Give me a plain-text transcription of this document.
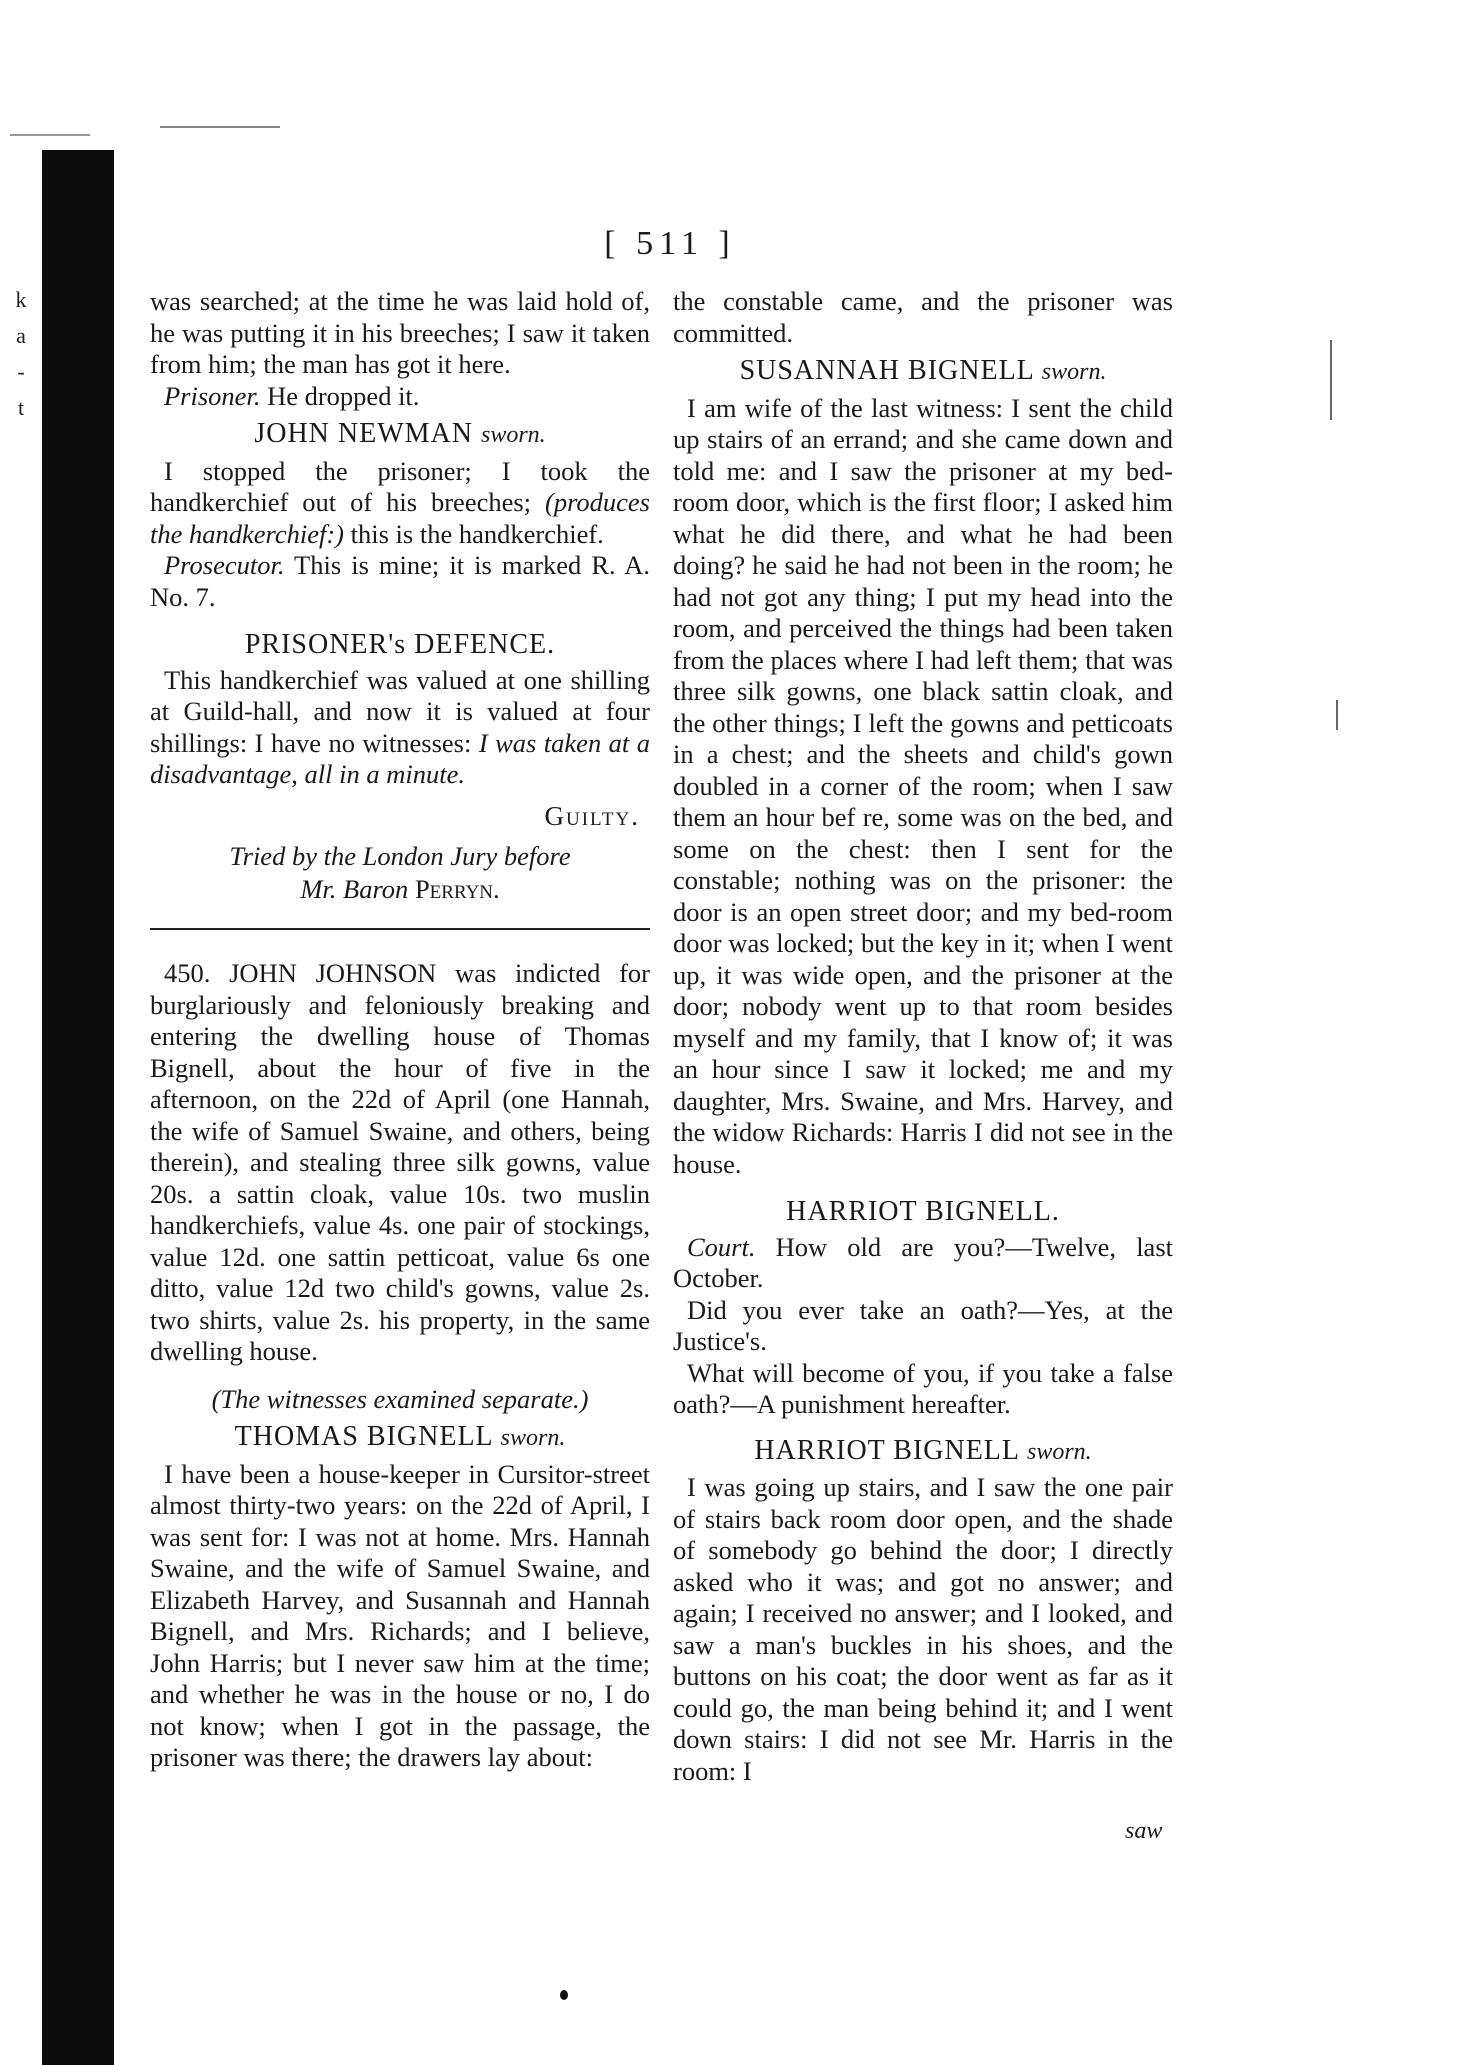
k
a
-
t
[ 511 ]

was searched; at the time he was laid hold of, he was putting it in his breeches; I saw it taken from him; the man has got it here.

Prisoner. He dropped it.

JOHN NEWMAN sworn.

I stopped the prisoner; I took the handkerchief out of his breeches; (produces the handkerchief:) this is the handkerchief.

Prosecutor. This is mine; it is marked R. A. No. 7.

PRISONER's DEFENCE.

This handkerchief was valued at one shilling at Guild-hall, and now it is valued at four shillings: I have no witnesses: I was taken at a disadvantage, all in a minute.

Guilty.
Tried by the London Jury before
Mr. Baron Perryn.

450. JOHN JOHNSON was indicted for burglariously and feloniously breaking and entering the dwelling house of Thomas Bignell, about the hour of five in the afternoon, on the 22d of April (one Hannah, the wife of Samuel Swaine, and others, being therein), and stealing three silk gowns, value 20s. a sattin cloak, value 10s. two muslin handkerchiefs, value 4s. one pair of stockings, value 12d. one sattin petticoat, value 6s one ditto, value 12d two child's gowns, value 2s. two shirts, value 2s. his property, in the same dwelling house.

(The witnesses examined separate.)
THOMAS BIGNELL sworn.

I have been a house-keeper in Cursitor-street almost thirty-two years: on the 22d of April, I was sent for: I was not at home. Mrs. Hannah Swaine, and the wife of Samuel Swaine, and Elizabeth Harvey, and Susannah and Hannah Bignell, and Mrs. Richards; and I believe, John Harris; but I never saw him at the time; and whether he was in the house or no, I do not know; when I got in the passage, the prisoner was there; the drawers lay about:

the constable came, and the prisoner was committed.

SUSANNAH BIGNELL sworn.

I am wife of the last witness: I sent the child up stairs of an errand; and she came down and told me: and I saw the prisoner at my bed-room door, which is the first floor; I asked him what he did there, and what he had been doing? he said he had not been in the room; he had not got any thing; I put my head into the room, and perceived the things had been taken from the places where I had left them; that was three silk gowns, one black sattin cloak, and the other things; I left the gowns and petticoats in a chest; and the sheets and child's gown doubled in a corner of the room; when I saw them an hour bef re, some was on the bed, and some on the chest: then I sent for the constable; nothing was on the prisoner: the door is an open street door; and my bed-room door was locked; but the key in it; when I went up, it was wide open, and the prisoner at the door; nobody went up to that room besides myself and my family, that I know of; it was an hour since I saw it locked; me and my daughter, Mrs. Swaine, and Mrs. Harvey, and the widow Richards: Harris I did not see in the house.

HARRIOT BIGNELL.

Court. How old are you?—Twelve, last October.

Did you ever take an oath?—Yes, at the Justice's.

What will become of you, if you take a false oath?—A punishment hereafter.

HARRIOT BIGNELL sworn.

I was going up stairs, and I saw the one pair of stairs back room door open, and the shade of somebody go behind the door; I directly asked who it was; and got no answer; and again; I received no answer; and I looked, and saw a man's buckles in his shoes, and the buttons on his coat; the door went as far as it could go, the man being behind it; and I went down stairs: I did not see Mr. Harris in the room: I

saw
